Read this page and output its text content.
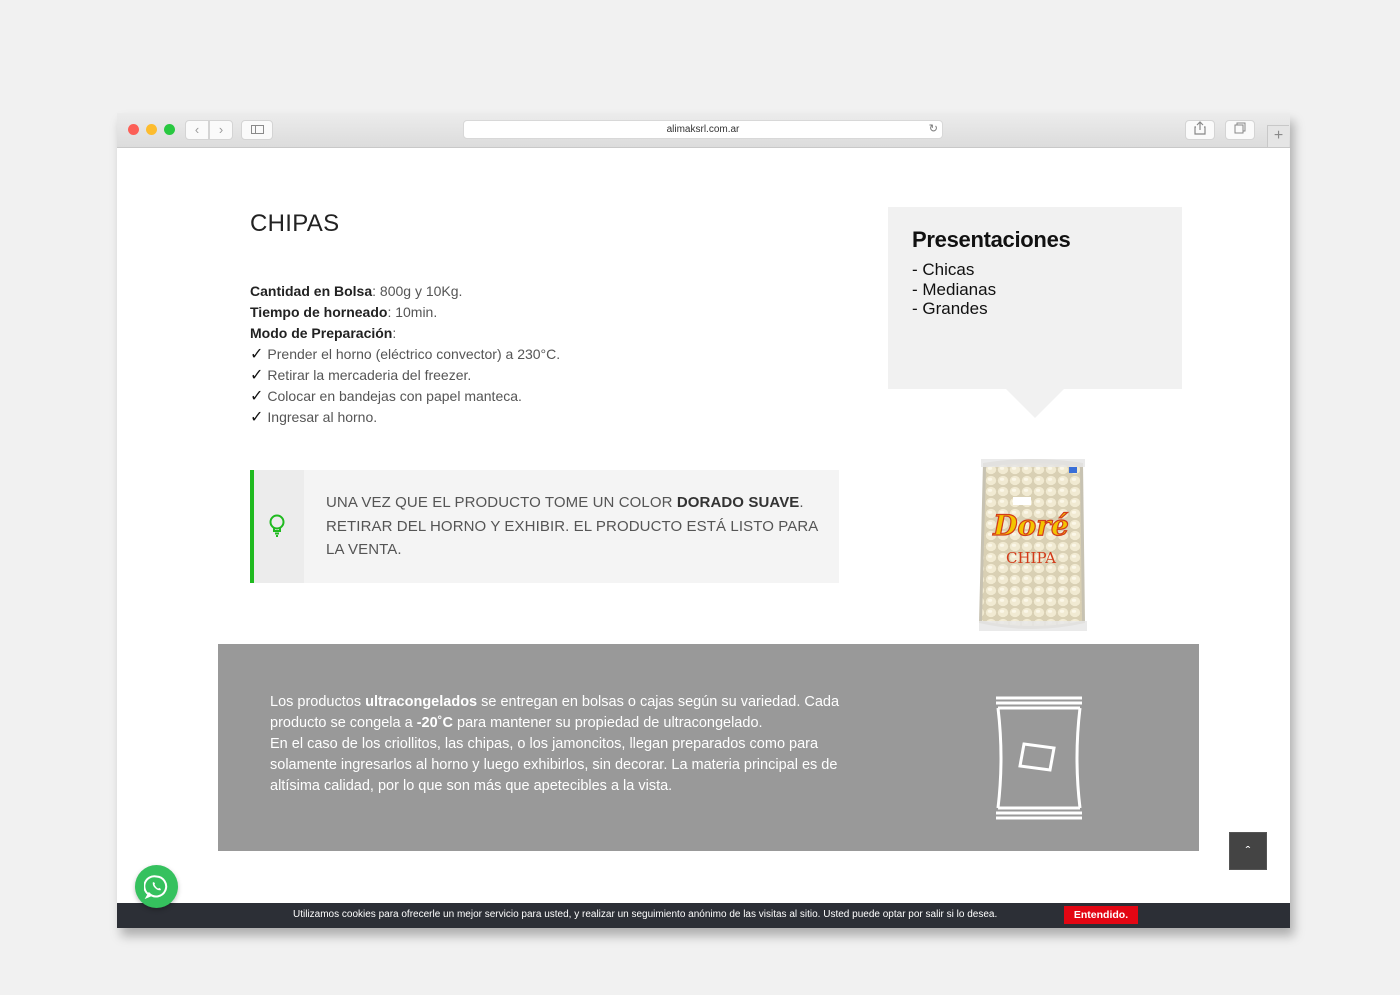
‹	›	alimaksrl.com.ar	↻	+
CHIPAS
Cantidad en Bolsa: 800g y 10Kg.
Tiempo de horneado: 10min.
Modo de Preparación:
✓ Prender el horno (eléctrico convector) a 230°C.
✓ Retirar la mercaderia del freezer.
✓ Colocar en bandejas con papel manteca.
✓ Ingresar al horno.

UNA VEZ QUE EL PRODUCTO TOME UN COLOR DORADO SUAVE. RETIRAR DEL HORNO Y EXHIBIR. EL PRODUCTO ESTÁ LISTO PARA LA VENTA.

Presentaciones
- Chicas
- Medianas
- Grandes
Doré
CHIPA

Los productos ultracongelados se entregan en bolsas o cajas según su variedad. Cada producto se congela a -20˚C para mantener su propiedad de ultracongelado.

En el caso de los criollitos, las chipas, o los jamoncitos, llegan preparados como para solamente ingresarlos al horno y luego exhibirlos, sin decorar. La materia principal es de altísima calidad, por lo que son más que apetecibles a la vista.

ˆ
Utilizamos cookies para ofrecerle un mejor servicio para usted, y realizar un seguimiento anónimo de las visitas al sitio. Usted puede optar por salir si lo desea.	Entendido.
